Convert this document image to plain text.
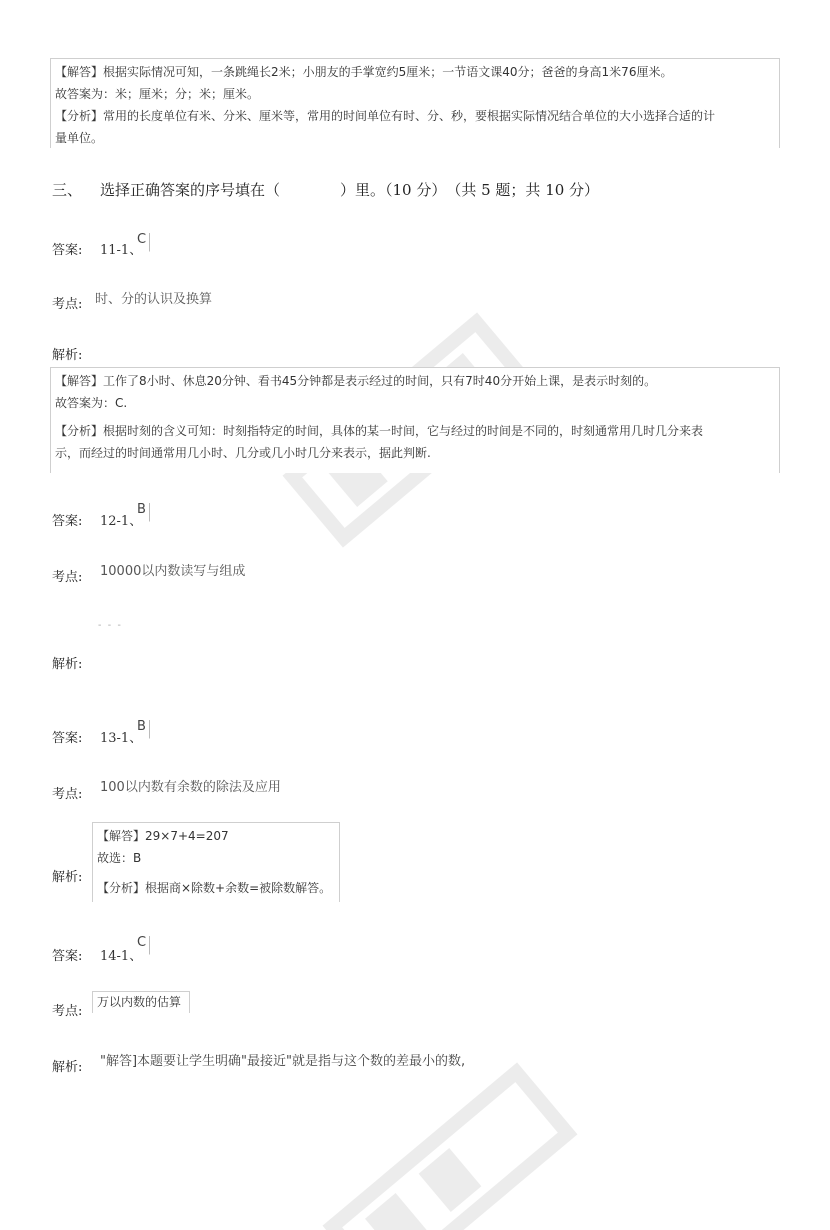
【解答】根据实际情况可知，一条跳绳长2米；小朋友的手掌宽约5厘米；一节语文课40分；爸爸的身高1米76厘米。

故答案为：米；厘米；分；米；厘米。

【分析】常用的长度单位有米、分米、厘米等，常用的时间单位有时、分、秒，要根据实际情况结合单位的大小选择合适的计

量单位。

三、 选择正确答案的序号填在（　　　　）里。（10 分）　（共 5 题；共 10 分）
答案: 11-1、
C
考点: 时、分的认识及换算
解析:

【解答】工作了8小时、休息20分钟、看书45分钟都是表示经过的时间，只有7时40分开始上课，是表示时刻的。

故答案为：C.

【分析】根据时刻的含义可知：时刻指特定的时间，具体的某一时间，它与经过的时间是不同的，时刻通常用几时几分来表

示，而经过的时间通常用几小时、几分或几小时几分来表示，据此判断.

答案: 12-1、
B
考点: 10000以内数读写与组成
-  -  -
解析:
答案: 13-1、
B
考点: 100以内数有余数的除法及应用

【解答】29×7+4=207

故选：B

【分析】根据商×除数+余数=被除数解答。

解析:
答案: 14-1、
C
考点:
万以内数的估算
解析: "解答]本题要让学生明确"最接近"就是指与这个数的差最小的数,
